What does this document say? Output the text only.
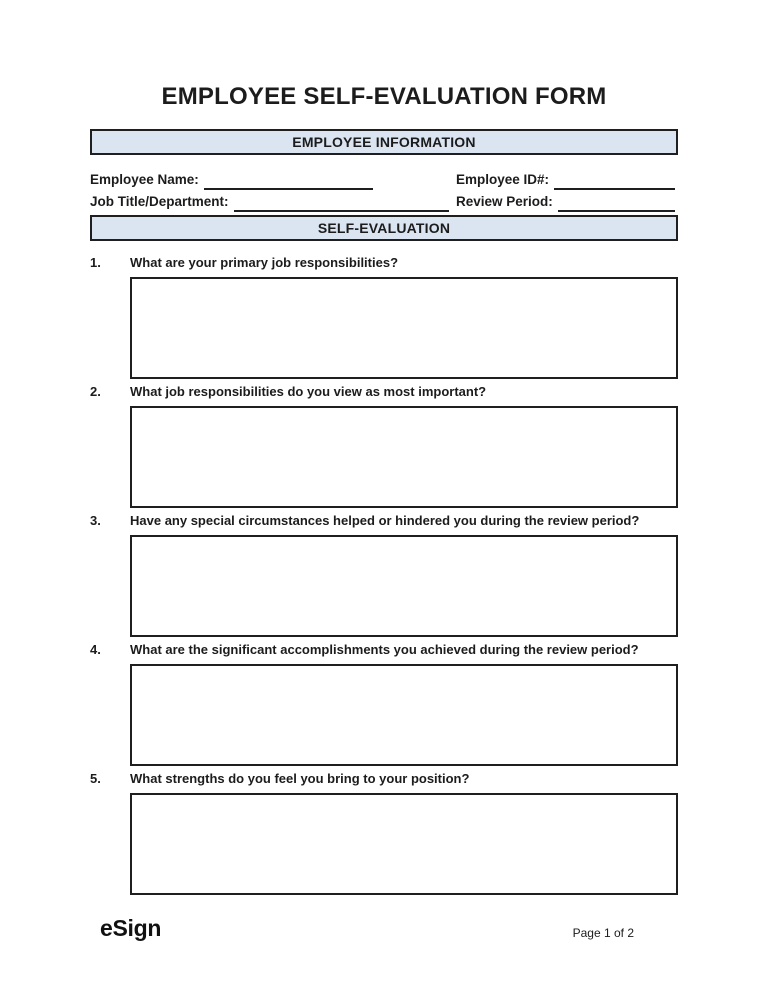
EMPLOYEE SELF-EVALUATION FORM
EMPLOYEE INFORMATION
Employee Name:	Employee ID#:
Job Title/Department:	Review Period:
SELF-EVALUATION
1.	What are your primary job responsibilities?
2.	What job responsibilities do you view as most important?
3.	Have any special circumstances helped or hindered you during the review period?
4.	What are the significant accomplishments you achieved during the review period?
5.	What strengths do you feel you bring to your position?
eSign	Page 1 of 2
